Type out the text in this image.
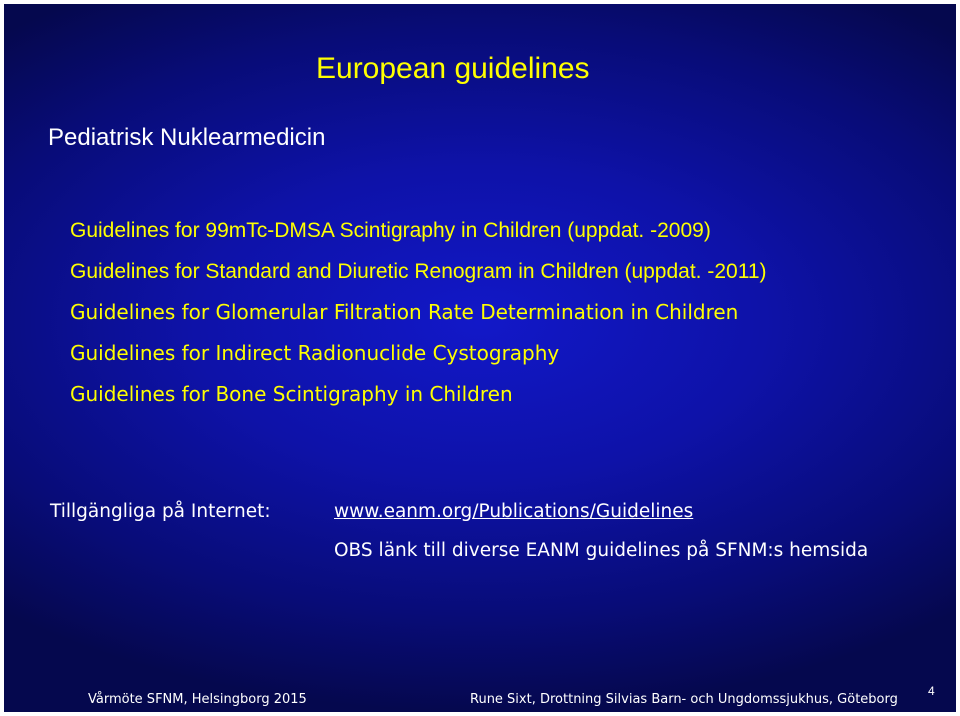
European guidelines
Pediatrisk Nuklearmedicin
Guidelines for 99mTc-DMSA Scintigraphy in Children (uppdat. -2009)
Guidelines for Standard and Diuretic Renogram in Children (uppdat. -2011)
Guidelines for Glomerular Filtration Rate Determination in Children
Guidelines for Indirect Radionuclide Cystography
Guidelines for Bone Scintigraphy in Children
Tillgängliga på Internet:	www.eanm.org/Publications/Guidelines
OBS länk till diverse EANM guidelines på SFNM:s hemsida
Vårmöte SFNM, Helsingborg 2015	Rune Sixt, Drottning Silvias Barn- och Ungdomssjukhus, Göteborg
4
